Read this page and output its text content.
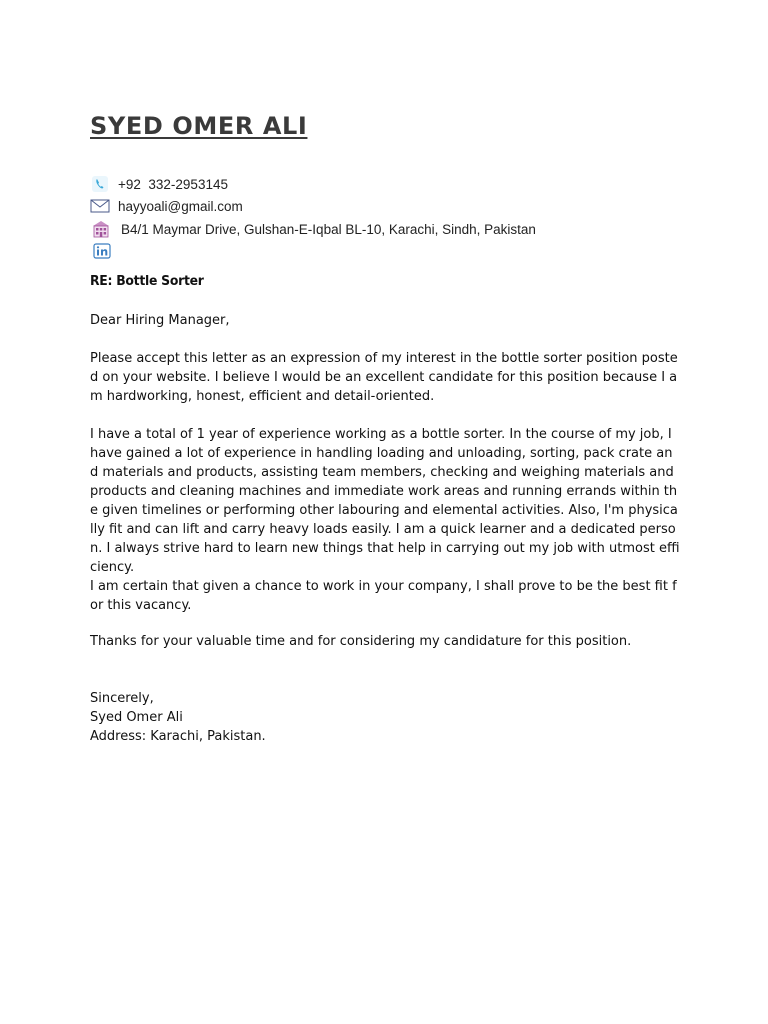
SYED OMER ALI
+92  332-2953145
hayyoali@gmail.com
B4/1 Maymar Drive, Gulshan-E-Iqbal BL-10, Karachi, Sindh, Pakistan

RE: Bottle Sorter

Dear Hiring Manager,

Please accept this letter as an expression of my interest in the bottle sorter position posted on your website. I believe I would be an excellent candidate for this position because I am hardworking, honest, efficient and detail-oriented.

I have a total of 1 year of experience working as a bottle sorter. In the course of my job, I have gained a lot of experience in handling loading and unloading, sorting, pack crate and materials and products, assisting team members, checking and weighing materials and products and cleaning machines and immediate work areas and running errands within the given timelines or performing other labouring and elemental activities. Also, I'm physically fit and can lift and carry heavy loads easily. I am a quick learner and a dedicated person. I always strive hard to learn new things that help in carrying out my job with utmost efficiency.

I am certain that given a chance to work in your company, I shall prove to be the best fit for this vacancy.

Thanks for your valuable time and for considering my candidature for this position.

Sincerely,
Syed Omer Ali
Address: Karachi, Pakistan.
